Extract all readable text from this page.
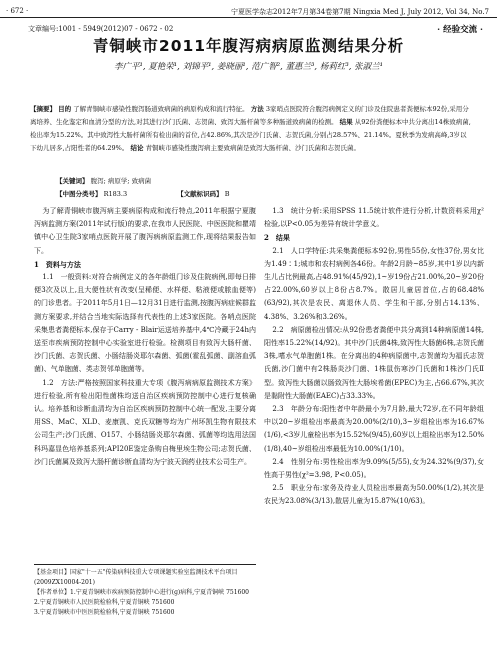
· 672 ·	宁夏医学杂志2012年7月第34卷第7期 Ningxia Med J, July 2012, Vol 34, No.7
文章编号:1001 - 5949(2012)07 - 0672 - 02	· 经验交流 ·
青铜峡市2011年腹泻病病原监测结果分析
李广平¹, 夏艳荣¹, 刘锦平¹, 姜晓丽¹, 范广智², 董惠兰³, 杨莉红³, 张淑兰¹

【摘要】 目的 了解青铜峡市感染性腹泻肠道致病菌的病原构成和流行特征。 方法 3家哨点医院符合腹泻病例定义的门诊及住院患者粪便标本92份,采用分离培养、生化鉴定和血清分型的方法,对其进行沙门氏菌、志贺菌、致泻大肠杆菌等多种肠道致病菌的检测。 结果 从92份粪便标本中共分离出14株致病菌,检出率为15.22%。其中致泻性大肠杆菌所有检出菌的首位,占42.86%,其次是沙门氏菌、志贺氏菌,分别占28.57%、21.14%。夏秋季为发病高峰,3岁以下幼儿居多,占阳性者的64.29%。 结论 青铜峡市感染性腹泻病主要致病菌是致泻大肠杆菌、沙门氏菌和志贺氏菌。

【关键词】 腹泻; 病原学; 致病菌
【中图分类号】 R183.3	【文献标识码】 B

为了解青铜峡市腹泻病主要病原构成和流行特点,2011年根据宁夏腹泻病监测方案(2011年试行版)的要求,在我市人民医院、中医医院和瞿靖镇中心卫生院3家哨点医院开展了腹泻病病原监测工作,现将结果报告如下。

1　资料与方法

1.1　一般资料:对符合病例定义的各年龄组门诊及住院病例,即每日排便3次及以上,且大便性状有改变(呈稀便、水样便、粘液便或脓血便等)的门诊患者。于2011年5月1日—12月31日进行监测,按腹泻病症候群监测方案要求,并结合当地实际选择有代表性的上述3家医院。各哨点医院采集患者粪便标本,保存于Carry - Blair运送培养基中,4℃冷藏于24h内送至市疾病预防控制中心实验室进行检验。检测项目有致泻大肠杆菌、沙门氏菌、志贺氏菌、小肠结肠炎耶尔森菌、弧菌(霍乱弧菌、副溶血弧菌)、气单胞菌、类志贺邻单胞菌等。

1.2　方法:严格按照国家科技重大专项《腹泻病病原监测技术方案》进行检验,所有检出阳性菌株均送自治区疾病预防控制中心进行复核确认。培养基和诊断血清均为自治区疾病预防控制中心统一配发,主要分离用SS、MaC、XLD、麦康凯、克氏双糖等均为广州环凯生物有限技术公司生产;沙门氏菌、O157、小肠结肠炎耶尔森菌、弧菌等均选用法国科玛嘉显色培养基系列;API20E鉴定条购自梅里埃生物公司;志贺氏菌、沙门氏菌属及致泻大肠杆菌诊断血清均为宁波天润药业技术公司生产。

1.3　统计分析:采用SPSS 11.5统计软件进行分析,计数资料采用χ²检验,以P<0.05为差异有统计学意义。

2　结果

2.1　人口学特征:共采集粪便标本92份,男性55份,女性37份,男女比为1.49∶1;城市和农村病例各46份。年龄2月龄~85岁,其中1岁以内新生儿占比例最高,占48.91%(45/92),1~岁19份占21.00%,20~岁20份占22.00%,60岁以上8份占8.7%。散居儿童居首位,占的68.48%(63/92),其次是农民、离退休人员、学生和干部,分别占14.13%、4.38%、3.26%和3.26%。

2.2　病原菌检出情况:从92份患者粪便中共分离到14种病原菌14株,阳性率15.22%(14/92)。其中沙门氏菌4株,致泻性大肠菌6株,志贺氏菌3株,嗜水气单胞菌1株。在分离出的4种病原菌中,志贺菌均为福氏志贺氏菌,沙门菌中有2株肠炎沙门菌、1株鼠伤寒沙门氏菌和1株沙门氏Ⅱ型。致泻性大肠菌以肠致泻性大肠埃希菌(EPEC)为主,占66.67%,其次是黏附性大肠菌(EAEC)占33.33%。

2.3　年龄分布:阳性者中年龄最小为7月龄,最大72岁,在不同年龄组中以20~岁组检出率最高为20.00%(2/10),3~岁组检出率为16.67%(1/6),<3岁儿童检出率为15.52%(9/45),60岁以上组检出率为12.50%(1/8),40~岁组检出率最低为10.00%(1/10)。

2.4　性别分布:男性检出率为9.09%(5/55),女为24.32%(9/37),女性高于男性(χ²=3.98, P<0.05)。

2.5　职业分布:家务及待业人员检出率最高为50.00%(1/2),其次是农民为23.08%(3/13),散居儿童为15.87%(10/63)。

【基金项目】国家"十一五"传染病科技重大专项课题实验室监测技术平台项目(2009ZX10004-201)

【作者单位】1.宁夏青铜峡市疾病预防控制中心进行(ɡ)病科,宁夏青铜峡 751600

2.宁夏青铜峡市人民医院检验科,宁夏青铜峡 751600

3.宁夏青铜峡市中医医院检验科,宁夏青铜峡 751600
